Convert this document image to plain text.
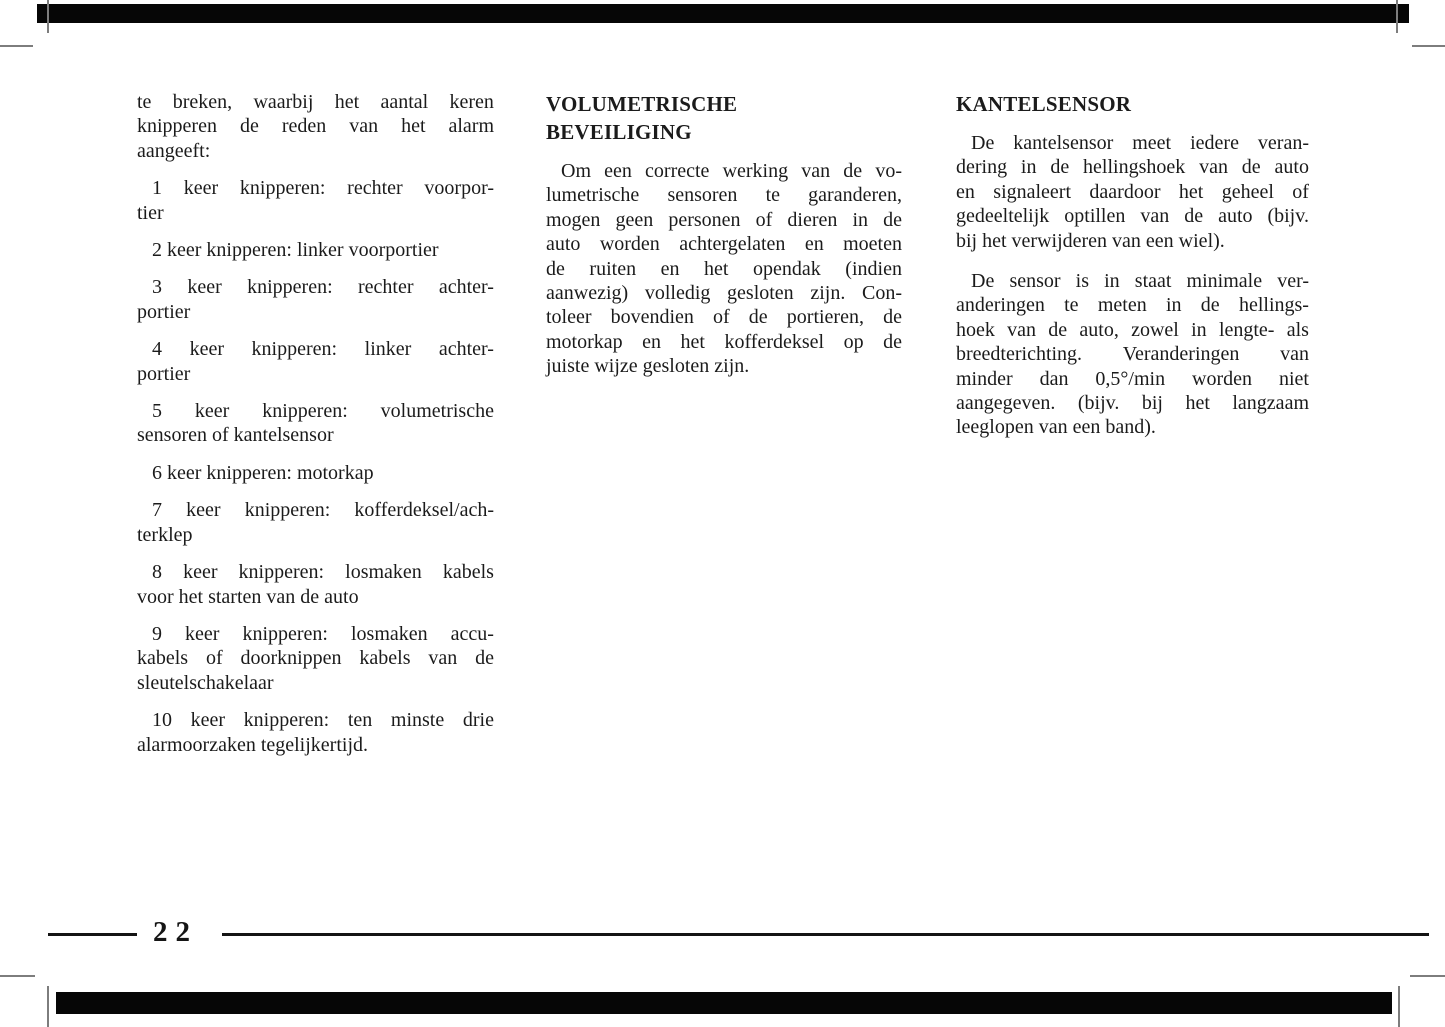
te breken, waarbij het aantal keren
knipperen de reden van het alarm
aangeeft:
1 keer knipperen: rechter voorpor-
tier
2 keer knipperen: linker voorportier
3 keer knipperen: rechter achter-
portier
4 keer knipperen: linker achter-
portier
5 keer knipperen: volumetrische
sensoren of kantelsensor
6 keer knipperen: motorkap
7 keer knipperen: kofferdeksel/ach-
terklep
8 keer knipperen: losmaken kabels
voor het starten van de auto
9 keer knipperen: losmaken accu-
kabels of doorknippen kabels van de
sleutelschakelaar
10 keer knipperen: ten minste drie
alarmoorzaken tegelijkertijd.
VOLUMETRISCHE
BEVEILIGING
Om een correcte werking van de vo-
lumetrische sensoren te garanderen,
mogen geen personen of dieren in de
auto worden achtergelaten en moeten
de ruiten en het opendak (indien
aanwezig) volledig gesloten zijn. Con-
toleer bovendien of de portieren, de
motorkap en het kofferdeksel op de
juiste wijze gesloten zijn.
KANTELSENSOR
De kantelsensor meet iedere veran-
dering in de hellingshoek van de auto
en signaleert daardoor het geheel of
gedeeltelijk optillen van de auto (bijv.
bij het verwijderen van een wiel).
De sensor is in staat minimale ver-
anderingen te meten in de hellings-
hoek van de auto, zowel in lengte- als
breedterichting. Veranderingen van
minder dan 0,5°/min worden niet
aangegeven. (bijv. bij het langzaam
leeglopen van een band).
22
